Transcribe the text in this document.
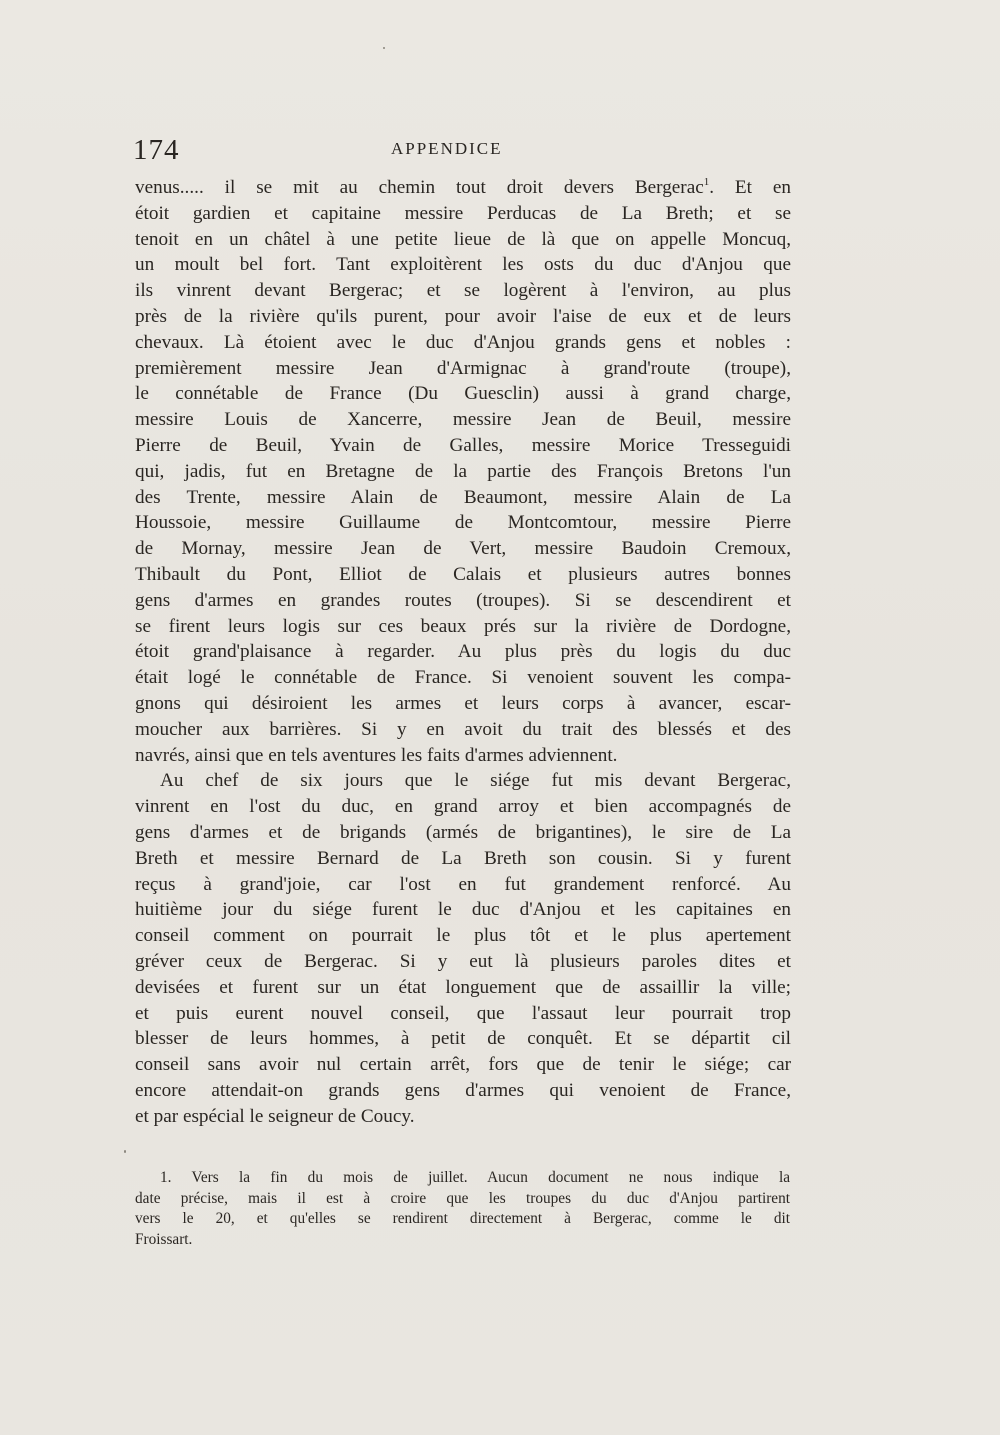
174	APPENDICE
venus..... il se mit au chemin tout droit devers Bergerac$^1$. Et en
étoit gardien et capitaine messire Perducas de La Breth; et se
tenoit en un châtel à une petite lieue de là que on appelle Moncuq,
un moult bel fort. Tant exploitèrent les osts du duc d'Anjou que
ils vinrent devant Bergerac; et se logèrent à l'environ, au plus
près de la rivière qu'ils purent, pour avoir l'aise de eux et de leurs
chevaux. Là étoient avec le duc d'Anjou grands gens et nobles :
premièrement messire Jean d'Armignac à grand'route (troupe),
le connétable de France (Du Guesclin) aussi à grand charge,
messire Louis de Xancerre, messire Jean de Beuil, messire
Pierre de Beuil, Yvain de Galles, messire Morice Tresseguidi
qui, jadis, fut en Bretagne de la partie des François Bretons l'un
des Trente, messire Alain de Beaumont, messire Alain de La
Houssoie, messire Guillaume de Montcomtour, messire Pierre
de Mornay, messire Jean de Vert, messire Baudoin Cremoux,
Thibault du Pont, Elliot de Calais et plusieurs autres bonnes
gens d'armes en grandes routes (troupes). Si se descendirent et
se firent leurs logis sur ces beaux prés sur la rivière de Dordogne,
étoit grand'plaisance à regarder. Au plus près du logis du duc
était logé le connétable de France. Si venoient souvent les compa-
gnons qui désiroient les armes et leurs corps à avancer, escar-
moucher aux barrières. Si y en avoit du trait des blessés et des
navrés, ainsi que en tels aventures les faits d'armes adviennent.
Au chef de six jours que le siége fut mis devant Bergerac,
vinrent en l'ost du duc, en grand arroy et bien accompagnés de
gens d'armes et de brigands (armés de brigantines), le sire de La
Breth et messire Bernard de La Breth son cousin. Si y furent
reçus à grand'joie, car l'ost en fut grandement renforcé. Au
huitième jour du siége furent le duc d'Anjou et les capitaines en
conseil comment on pourrait le plus tôt et le plus apertement
gréver ceux de Bergerac. Si y eut là plusieurs paroles dites et
devisées et furent sur un état longuement que de assaillir la ville;
et puis eurent nouvel conseil, que l'assaut leur pourrait trop
blesser de leurs hommes, à petit de conquêt. Et se départit cil
conseil sans avoir nul certain arrêt, fors que de tenir le siége; car
encore attendait-on grands gens d'armes qui venoient de France,
et par espécial le seigneur de Coucy.
1. Vers la fin du mois de juillet. Aucun document ne nous indique la
date précise, mais il est à croire que les troupes du duc d'Anjou partirent
vers le 20, et qu'elles se rendirent directement à Bergerac, comme le dit
Froissart.
